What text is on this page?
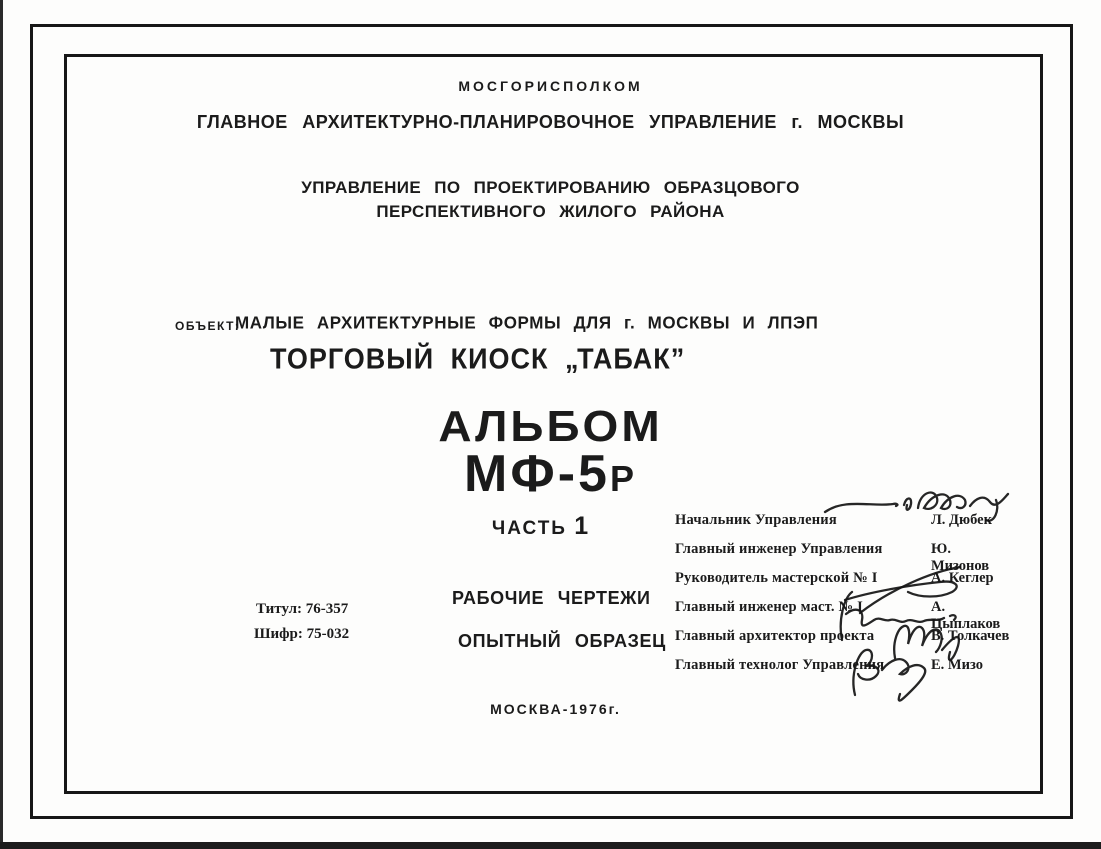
МОСГОРИСПОЛКОМ
ГЛАВНОЕ АРХИТЕКТУРНО-ПЛАНИРОВОЧНОЕ УПРАВЛЕНИЕ г. МОСКВЫ
УПРАВЛЕНИЕ ПО ПРОЕКТИРОВАНИЮ ОБРАЗЦОВОГО
ПЕРСПЕКТИВНОГО ЖИЛОГО РАЙОНА
ОБЪЕКТ:
МАЛЫЕ АРХИТЕКТУРНЫЕ ФОРМЫ ДЛЯ г. МОСКВЫ И ЛПЭП
ТОРГОВЫЙ КИОСК „ТАБАК”
АЛЬБОМ
МФ-5Р
ЧАСТЬ 1
Титул: 76-357
Шифр: 75-032
РАБОЧИЕ ЧЕРТЕЖИ
ОПЫТНЫЙ ОБРАЗЕЦ
МОСКВА-1976г.
Начальник Управления	Л. Дюбек
Главный инженер Управления	Ю. Мизонов
Руководитель мастерской № I	А. Кеглер
Главный инженер маст. № I	А. Цыплаков
Главный архитектор проекта	В. Толкачев
Главный технолог Управления	Е. Мизо
